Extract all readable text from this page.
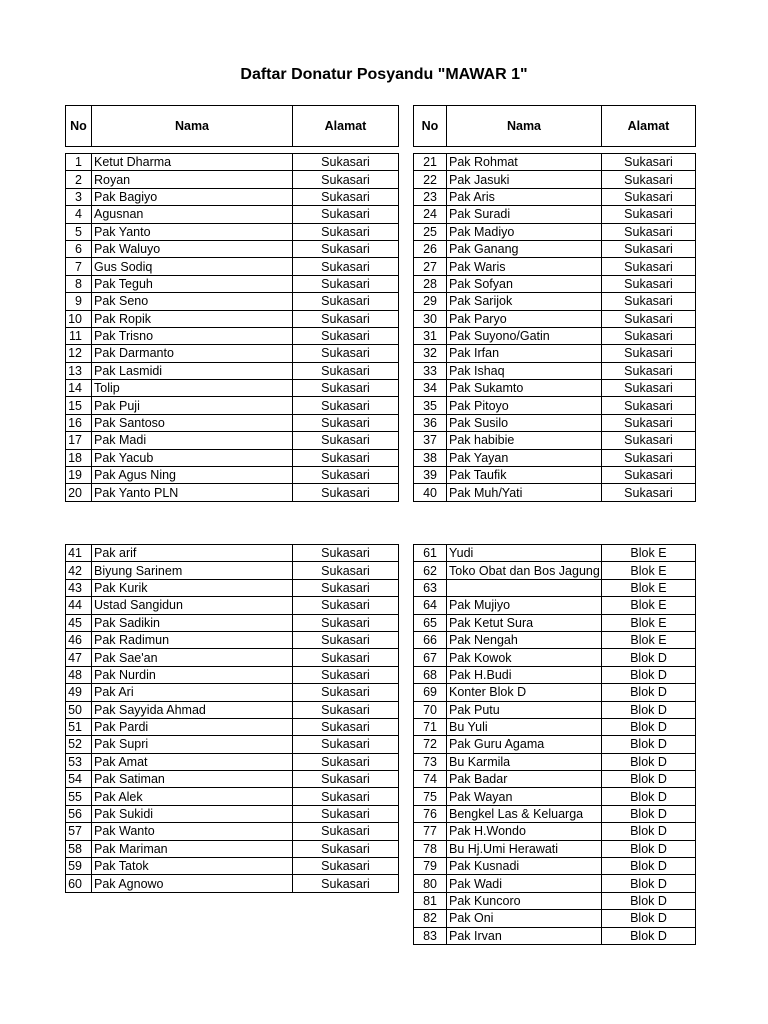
Daftar Donatur Posyandu "MAWAR 1"
No	Nama	Alamat

1	Ketut Dharma	Sukasari
2	Royan	Sukasari
3	Pak Bagiyo	Sukasari
4	Agusnan	Sukasari
5	Pak Yanto	Sukasari
6	Pak Waluyo	Sukasari
7	Gus Sodiq	Sukasari
8	Pak Teguh	Sukasari
9	Pak Seno	Sukasari
10	Pak Ropik	Sukasari
11	Pak Trisno	Sukasari
12	Pak Darmanto	Sukasari
13	Pak Lasmidi	Sukasari
14	Tolip	Sukasari
15	Pak Puji	Sukasari
16	Pak Santoso	Sukasari
17	Pak Madi	Sukasari
18	Pak Yacub	Sukasari
19	Pak Agus Ning	Sukasari
20	Pak Yanto PLN	Sukasari
No	Nama	Alamat

21	Pak Rohmat	Sukasari
22	Pak Jasuki	Sukasari
23	Pak Aris	Sukasari
24	Pak Suradi	Sukasari
25	Pak Madiyo	Sukasari
26	Pak Ganang	Sukasari
27	Pak Waris	Sukasari
28	Pak Sofyan	Sukasari
29	Pak Sarijok	Sukasari
30	Pak Paryo	Sukasari
31	Pak Suyono/Gatin	Sukasari
32	Pak Irfan	Sukasari
33	Pak Ishaq	Sukasari
34	Pak Sukamto	Sukasari
35	Pak Pitoyo	Sukasari
36	Pak Susilo	Sukasari
37	Pak habibie	Sukasari
38	Pak Yayan	Sukasari
39	Pak Taufik	Sukasari
40	Pak Muh/Yati	Sukasari
41	Pak arif	Sukasari
42	Biyung Sarinem	Sukasari
43	Pak Kurik	Sukasari
44	Ustad Sangidun	Sukasari
45	Pak Sadikin	Sukasari
46	Pak Radimun	Sukasari
47	Pak Sae'an	Sukasari
48	Pak Nurdin	Sukasari
49	Pak Ari	Sukasari
50	Pak Sayyida Ahmad	Sukasari
51	Pak Pardi	Sukasari
52	Pak Supri	Sukasari
53	Pak Amat	Sukasari
54	Pak Satiman	Sukasari
55	Pak Alek	Sukasari
56	Pak Sukidi	Sukasari
57	Pak Wanto	Sukasari
58	Pak Mariman	Sukasari
59	Pak Tatok	Sukasari
60	Pak Agnowo	Sukasari
61	Yudi	Blok E
62	Toko Obat dan Bos Jagung	Blok E
63		Blok E
64	Pak Mujiyo	Blok E
65	Pak Ketut Sura	Blok E
66	Pak Nengah	Blok E
67	Pak Kowok	Blok D
68	Pak H.Budi	Blok D
69	Konter Blok D	Blok D
70	Pak Putu	Blok D
71	Bu Yuli	Blok D
72	Pak Guru Agama	Blok D
73	Bu Karmila	Blok D
74	Pak Badar	Blok D
75	Pak Wayan	Blok D
76	Bengkel Las & Keluarga	Blok D
77	Pak H.Wondo	Blok D
78	Bu Hj.Umi Herawati	Blok D
79	Pak Kusnadi	Blok D
80	Pak Wadi	Blok D
81	Pak Kuncoro	Blok D
82	Pak Oni	Blok D
83	Pak Irvan	Blok D
